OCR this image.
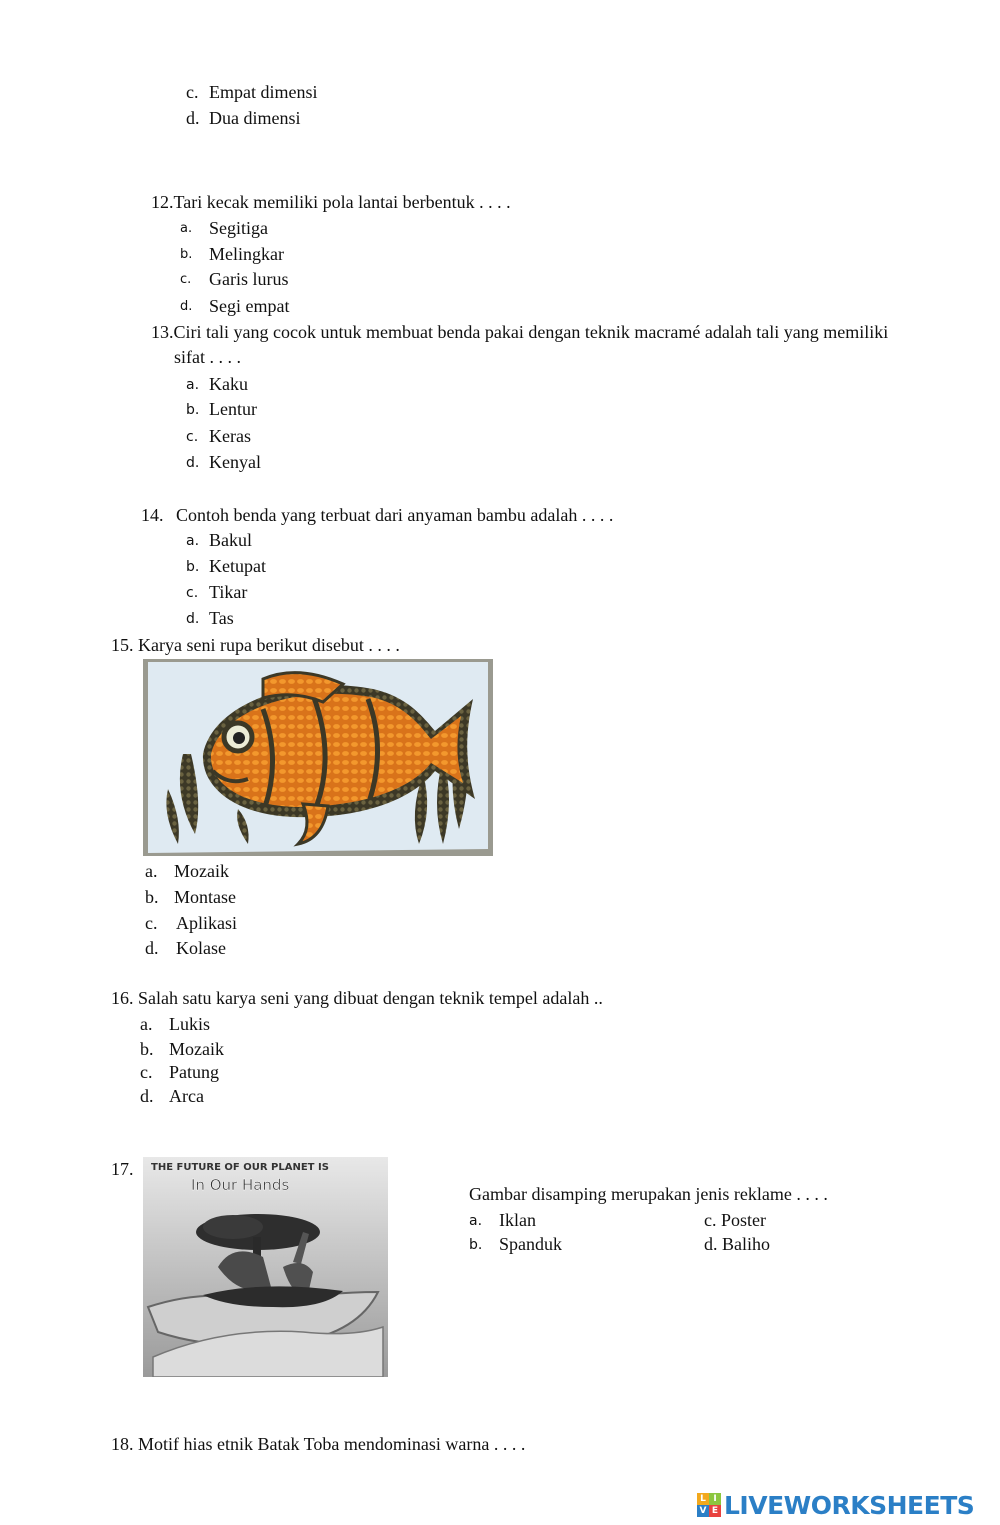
c. Empat dimensi
d. Dua dimensi
12.Tari kecak memiliki pola lantai berbentuk . . . .
a. Segitiga
b. Melingkar
c. Garis lurus
d. Segi empat
13.Ciri tali yang cocok untuk membuat benda pakai dengan teknik macramé adalah tali yang memiliki
sifat . . . .
a. Kaku
b. Lentur
c. Keras
d. Kenyal
14. Contoh benda yang terbuat dari anyaman bambu adalah . . . .
a. Bakul
b. Ketupat
c. Tikar
d. Tas
15. Karya seni rupa berikut disebut . . . .
a. Mozaik
b. Montase
c. Aplikasi
d. Kolase
16. Salah satu karya seni yang dibuat dengan teknik tempel adalah ..
a. Lukis
b. Mozaik
c. Patung
d. Arca
17. THE FUTURE OF OUR PLANET IS
In Our Hands	Gambar disamping merupakan jenis reklame . . . .
a. Iklan
b. Spanduk
c. Poster
d. Baliho
18. Motif hias etnik Batak Toba mendominasi warna . . . .
L I
V E LIVEWORKSHEETS
